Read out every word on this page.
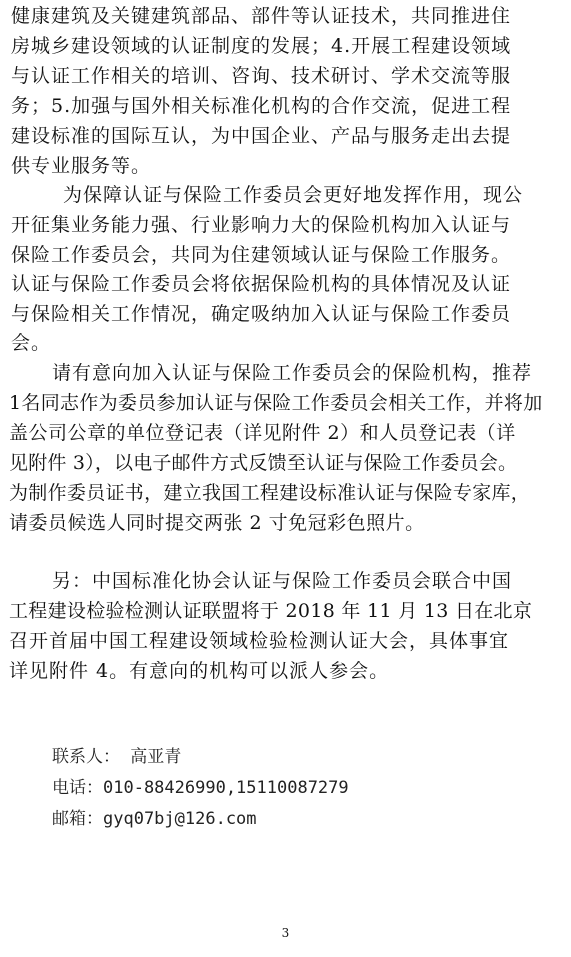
健康建筑及关键建筑部品、部件等认证技术，共同推进住
房城乡建设领域的认证制度的发展；4.开展工程建设领域
与认证工作相关的培训、咨询、技术研讨、学术交流等服
务；5.加强与国外相关标准化机构的合作交流，促进工程
建设标准的国际互认，为中国企业、产品与服务走出去提
供专业服务等。
为保障认证与保险工作委员会更好地发挥作用，现公
开征集业务能力强、行业影响力大的保险机构加入认证与
保险工作委员会，共同为住建领域认证与保险工作服务。
认证与保险工作委员会将依据保险机构的具体情况及认证
与保险相关工作情况，确定吸纳加入认证与保险工作委员
会。
请有意向加入认证与保险工作委员会的保险机构，推荐
1名同志作为委员参加认证与保险工作委员会相关工作，并将加
盖公司公章的单位登记表（详见附件 2）和人员登记表（详
见附件 3），以电子邮件方式反馈至认证与保险工作委员会。
为制作委员证书，建立我国工程建设标准认证与保险专家库，
请委员候选人同时提交两张 2 寸免冠彩色照片。
另：中国标准化协会认证与保险工作委员会联合中国
工程建设检验检测认证联盟将于 2018 年 11 月 13 日在北京
召开首届中国工程建设领域检验检测认证大会，具体事宜
详见附件 4。有意向的机构可以派人参会。
联系人： 高亚青
电话：010-88426990,15110087279
邮箱：gyq07bj@126.com
3
